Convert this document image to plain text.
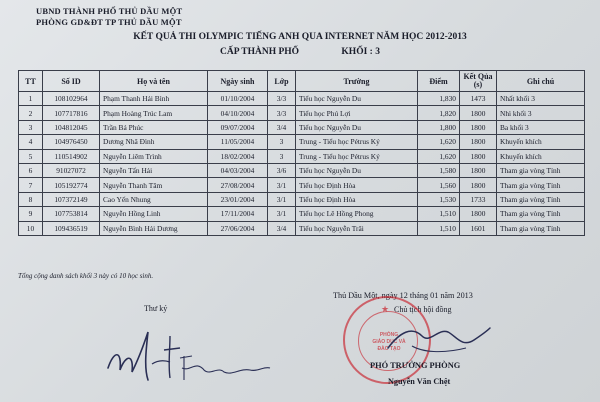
UBND THÀNH PHỐ THỦ DẦU MỘT
PHÒNG GD&ĐT TP THỦ DẦU MỘT
KẾT QUẢ THI OLYMPIC TIẾNG ANH QUA INTERNET NĂM HỌC 2012-2013
CẤP THÀNH PHỐ	KHỐI : 3
TT	Số ID	Họ và tên	Ngày sinh	Lớp	Trường	Điểm	Kết Qủa (s)	Ghi chú
1	108102964	Phạm Thanh Hải Bình	01/10/2004	3/3	Tiểu học Nguyễn Du	1,830	1473	Nhất khối 3
2	107717816	Phạm Hoàng Trúc Lam	04/10/2004	3/3	Tiểu học Phú Lợi	1,820	1800	Nhì khối 3
3	104812045	Trần Bá Phúc	09/07/2004	3/4	Tiểu học Nguyễn Du	1,800	1800	Ba khối 3
4	104976450	Dương Nhã Đình	11/05/2004	3	Trung - Tiểu học Pétrus Ký	1,620	1800	Khuyến khích
5	110514902	Nguyễn Liêm Trình	18/02/2004	3	Trung - Tiểu học Pétrus Ký	1,620	1800	Khuyến khích
6	91027072	Nguyễn Tấn Hải	04/03/2004	3/6	Tiểu học Nguyễn Du	1,580	1800	Tham gia vòng Tỉnh
7	105192774	Nguyễn Thanh Tâm	27/08/2004	3/1	Tiểu học Định Hòa	1,560	1800	Tham gia vòng Tỉnh
8	107372149	Cao Yến Nhung	23/01/2004	3/1	Tiểu học Định Hòa	1,530	1733	Tham gia vòng Tỉnh
9	107753814	Nguyễn Hồng Linh	17/11/2004	3/1	Tiểu học Lê Hồng Phong	1,510	1800	Tham gia vòng Tỉnh
10	109436519	Nguyễn Bình Hải Dương	27/06/2004	3/4	Tiểu học Nguyễn Trãi	1,510	1601	Tham gia vòng Tỉnh
Tổng cộng danh sách khối 3 này có 10 học sinh.
Thủ Dầu Một, ngày 12 tháng 01 năm 2013
Chủ tịch hội đồng
Thư ký	★
PHÒNG
GIÁO DỤC VÀ
ĐÀO TẠO
PHÓ TRƯỞNG PHÒNG
Nguyễn Văn Chệt
